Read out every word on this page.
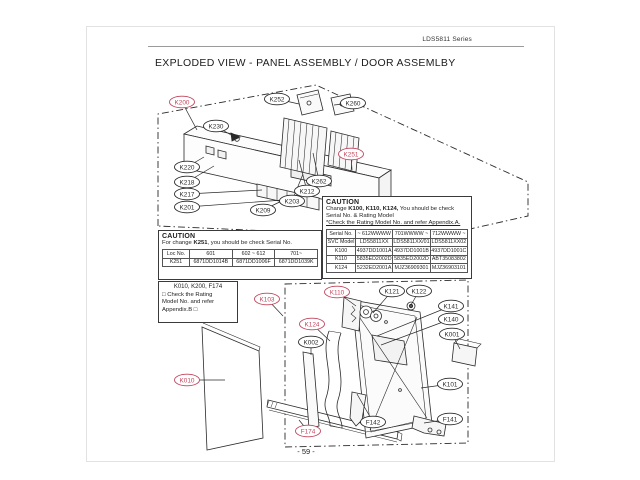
LDS5811 Series
EXPLODED VIEW - PANEL ASSEMBLY / DOOR ASSEMLBY
K200
K230
K252
K260
K251
K220
K218
K217
K201	K209
K203
K212
K262
K103
K110	K121 K122
K141
K140
K001
K124
K002
K010
K101
F142	F141
F174
CAUTION
For change K251, you should be check Serial No.
Loc No.	601	602 ~ 612	701~
K251	6871DD1014B	6871DD1006F	6871DD1039K
K010, K200, F174
□ Check the Rating
Model No. and refer
Appendix.B □
CAUTION
Change K100, K110, K124, You should be check
Serial No. & Rating Model
*Check the Rating Model No. and refer Appendix.A.
Serial No.	~ 612WWWW	701WWWW ~	712WWWW ~
SVC Model	LDS5811XX	LDS5811XX/01	LDS5811XX02
K100	4937DD1001A	4937DD1001B	4937DD1001C
K110	5835ED2002D	5835ED2002D	ABT35083802
K124	5232ED2001A	MJZ36909301	MJZ36903101
- 59 -
